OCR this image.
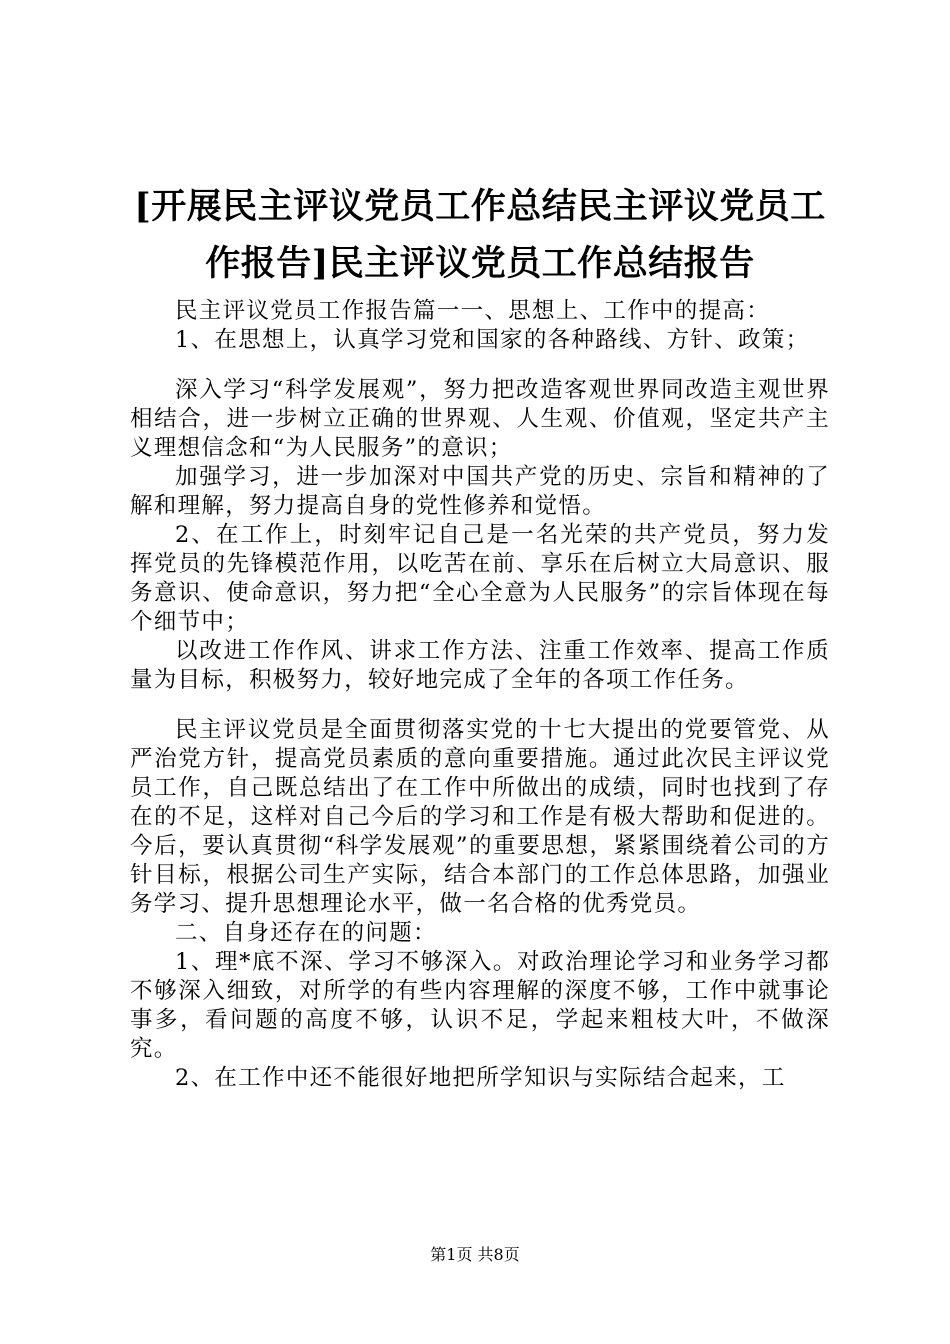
[开展民主评议党员工作总结民主评议党员工作报告]民主评议党员工作总结报告

民主评议党员工作报告篇一一、思想上、工作中的提高：

1、在思想上，认真学习党和国家的各种路线、方针、政策；

深入学习“科学发展观”，努力把改造客观世界同改造主观世界相结合，进一步树立正确的世界观、人生观、价值观，坚定共产主义理想信念和“为人民服务”的意识；

加强学习，进一步加深对中国共产党的历史、宗旨和精神的了解和理解，努力提高自身的党性修养和觉悟。

2、在工作上，时刻牢记自己是一名光荣的共产党员，努力发挥党员的先锋模范作用，以吃苦在前、享乐在后树立大局意识、服务意识、使命意识，努力把“全心全意为人民服务”的宗旨体现在每个细节中；

以改进工作作风、讲求工作方法、注重工作效率、提高工作质量为目标，积极努力，较好地完成了全年的各项工作任务。

民主评议党员是全面贯彻落实党的十七大提出的党要管党、从严治党方针，提高党员素质的意向重要措施。通过此次民主评议党员工作，自己既总结出了在工作中所做出的成绩，同时也找到了存在的不足，这样对自己今后的学习和工作是有极大帮助和促进的。今后，要认真贯彻“科学发展观”的重要思想，紧紧围绕着公司的方针目标，根据公司生产实际，结合本部门的工作总体思路，加强业务学习、提升思想理论水平，做一名合格的优秀党员。

二、自身还存在的问题：

1、理*底不深、学习不够深入。对政治理论学习和业务学习都不够深入细致，对所学的有些内容理解的深度不够，工作中就事论事多，看问题的高度不够，认识不足，学起来粗枝大叶，不做深究。

2、在工作中还不能很好地把所学知识与实际结合起来，工

第1页 共8页
